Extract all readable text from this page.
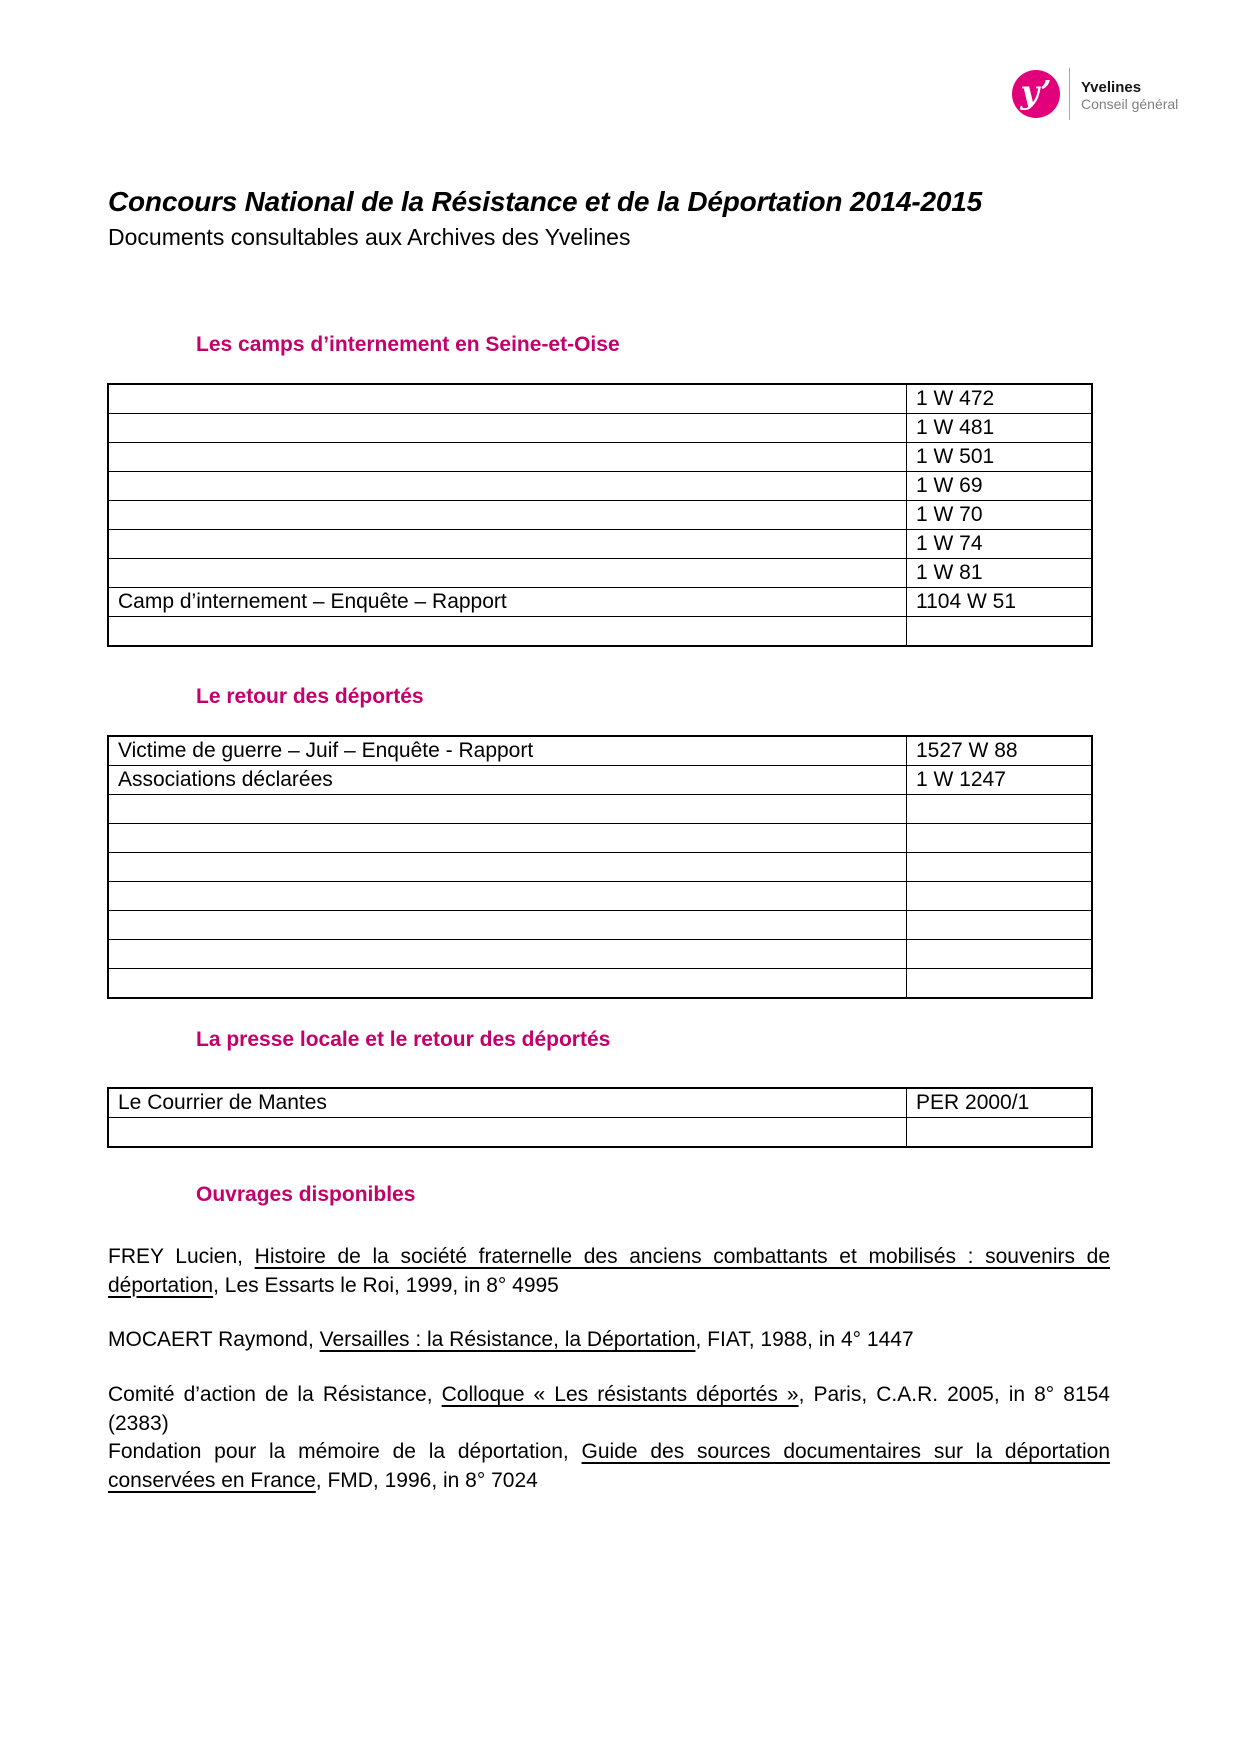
y’ Yvelines
Conseil général
Concours National de la Résistance et de la Déportation 2014-2015
Documents consultables aux Archives des Yvelines
Les camps d’internement en Seine-et-Oise
	1 W 472
	1 W 481
	1 W 501
	1 W 69
	1 W 70
	1 W 74
	1 W 81
Camp d’internement – Enquête – Rapport	1104 W 51

Le retour des déportés
Victime de guerre – Juif – Enquête - Rapport	1527 W 88
Associations déclarées	1 W 1247

La presse locale et le retour des déportés
Le Courrier de Mantes	PER 2000/1

Ouvrages disponibles

FREY Lucien, Histoire de la société fraternelle des anciens combattants et mobilisés : souvenirs de déportation, Les Essarts le Roi, 1999, in 8° 4995

MOCAERT Raymond, Versailles : la Résistance, la Déportation, FIAT, 1988, in 4° 1447

Comité d’action de la Résistance, Colloque « Les résistants déportés », Paris, C.A.R. 2005, in 8° 8154 (2383)

Fondation pour la mémoire de la déportation, Guide des sources documentaires sur la déportation conservées en France, FMD, 1996, in 8° 7024
